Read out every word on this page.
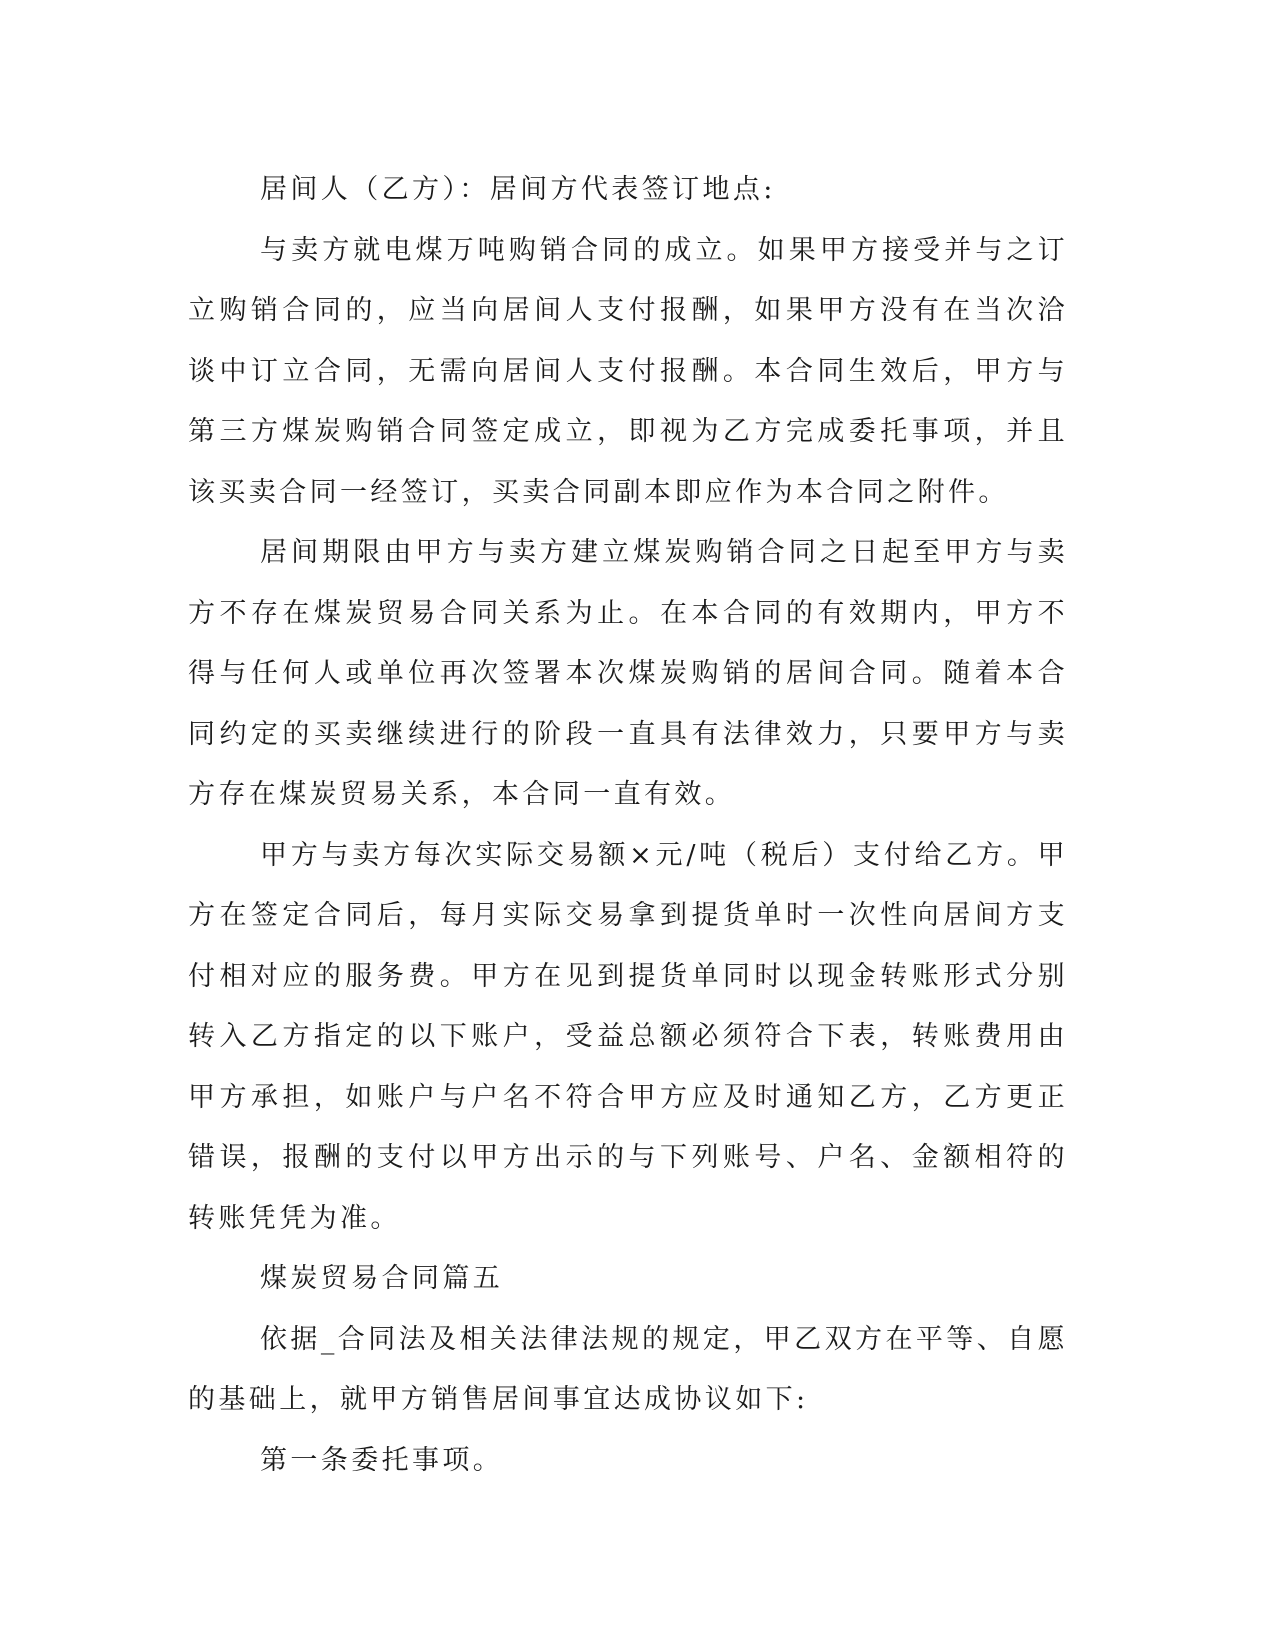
居间人（乙方）：居间方代表签订地点:

与卖方就电煤万吨购销合同的成立。如果甲方接受并与之订立购销合同的，应当向居间人支付报酬，如果甲方没有在当次洽谈中订立合同，无需向居间人支付报酬。本合同生效后，甲方与第三方煤炭购销合同签定成立，即视为乙方完成委托事项，并且该买卖合同一经签订，买卖合同副本即应作为本合同之附件。

居间期限由甲方与卖方建立煤炭购销合同之日起至甲方与卖方不存在煤炭贸易合同关系为止。在本合同的有效期内，甲方不得与任何人或单位再次签署本次煤炭购销的居间合同。随着本合同约定的买卖继续进行的阶段一直具有法律效力，只要甲方与卖方存在煤炭贸易关系，本合同一直有效。

甲方与卖方每次实际交易额×元/吨（税后）支付给乙方。甲方在签定合同后，每月实际交易拿到提货单时一次性向居间方支付相对应的服务费。甲方在见到提货单同时以现金转账形式分别转入乙方指定的以下账户，受益总额必须符合下表，转账费用由甲方承担，如账户与户名不符合甲方应及时通知乙方，乙方更正错误，报酬的支付以甲方出示的与下列账号、户名、金额相符的转账凭凭为准。

煤炭贸易合同篇五

依据_合同法及相关法律法规的规定，甲乙双方在平等、自愿的基础上，就甲方销售居间事宜达成协议如下:

第一条委托事项。
